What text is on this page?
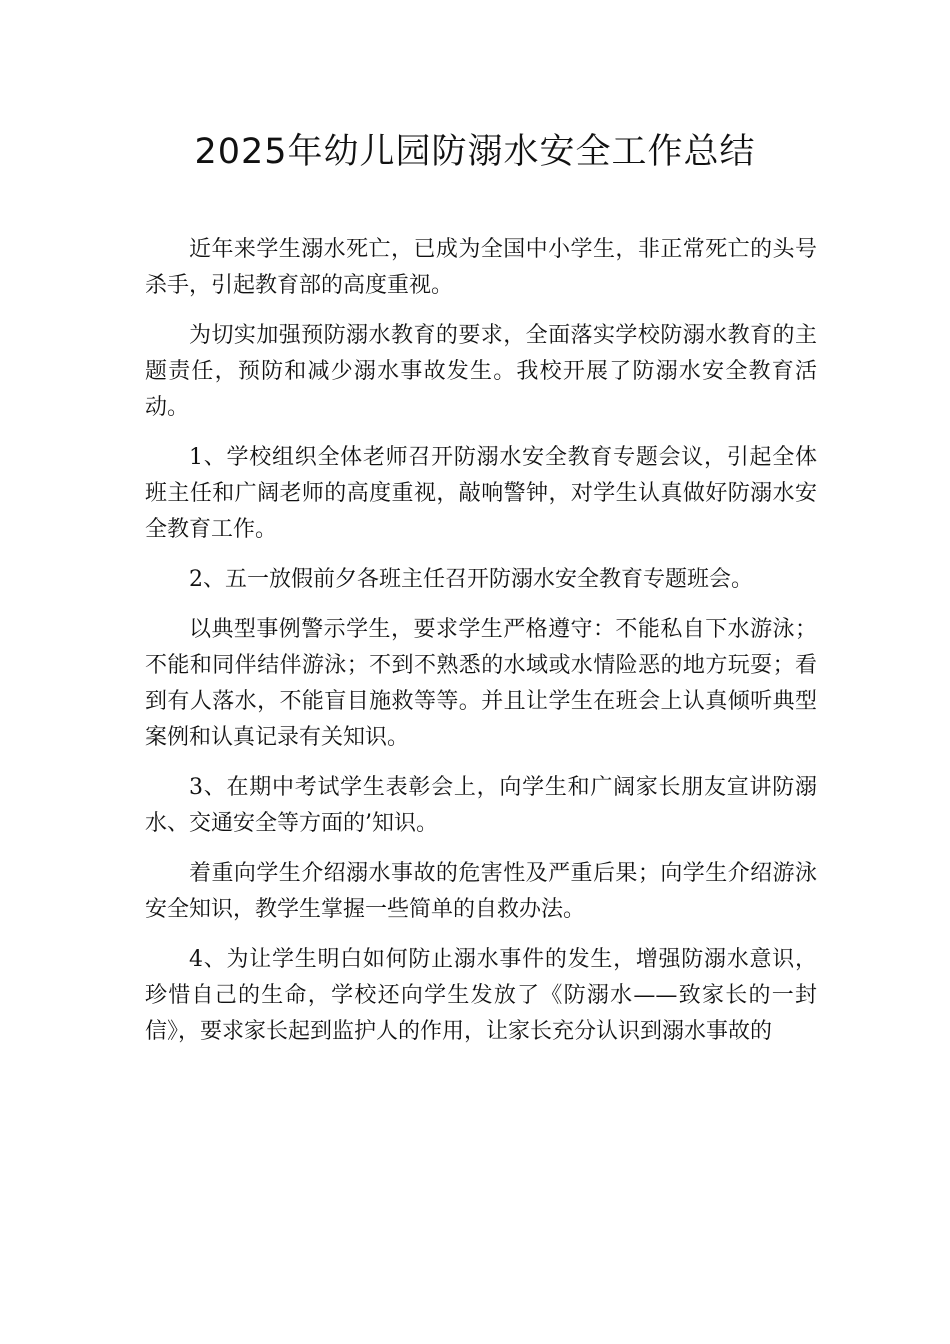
2025年幼儿园防溺水安全工作总结

近年来学生溺水死亡，已成为全国中小学生，非正常死亡的头号杀手，引起教育部的高度重视。

为切实加强预防溺水教育的要求，全面落实学校防溺水教育的主题责任，预防和减少溺水事故发生。我校开展了防溺水安全教育活动。

1、学校组织全体老师召开防溺水安全教育专题会议，引起全体班主任和广阔老师的高度重视，敲响警钟，对学生认真做好防溺水安全教育工作。

2、五一放假前夕各班主任召开防溺水安全教育专题班会。

以典型事例警示学生，要求学生严格遵守：不能私自下水游泳；不能和同伴结伴游泳；不到不熟悉的水域或水情险恶的地方玩耍；看到有人落水，不能盲目施救等等。并且让学生在班会上认真倾听典型案例和认真记录有关知识。

3、在期中考试学生表彰会上，向学生和广阔家长朋友宣讲防溺水、交通安全等方面的’知识。

着重向学生介绍溺水事故的危害性及严重后果；向学生介绍游泳安全知识，教学生掌握一些简单的自救办法。

4、为让学生明白如何防止溺水事件的发生，增强防溺水意识，珍惜自己的生命，学校还向学生发放了《防溺水——致家长的一封信》，要求家长起到监护人的作用，让家长充分认识到溺水事故的
